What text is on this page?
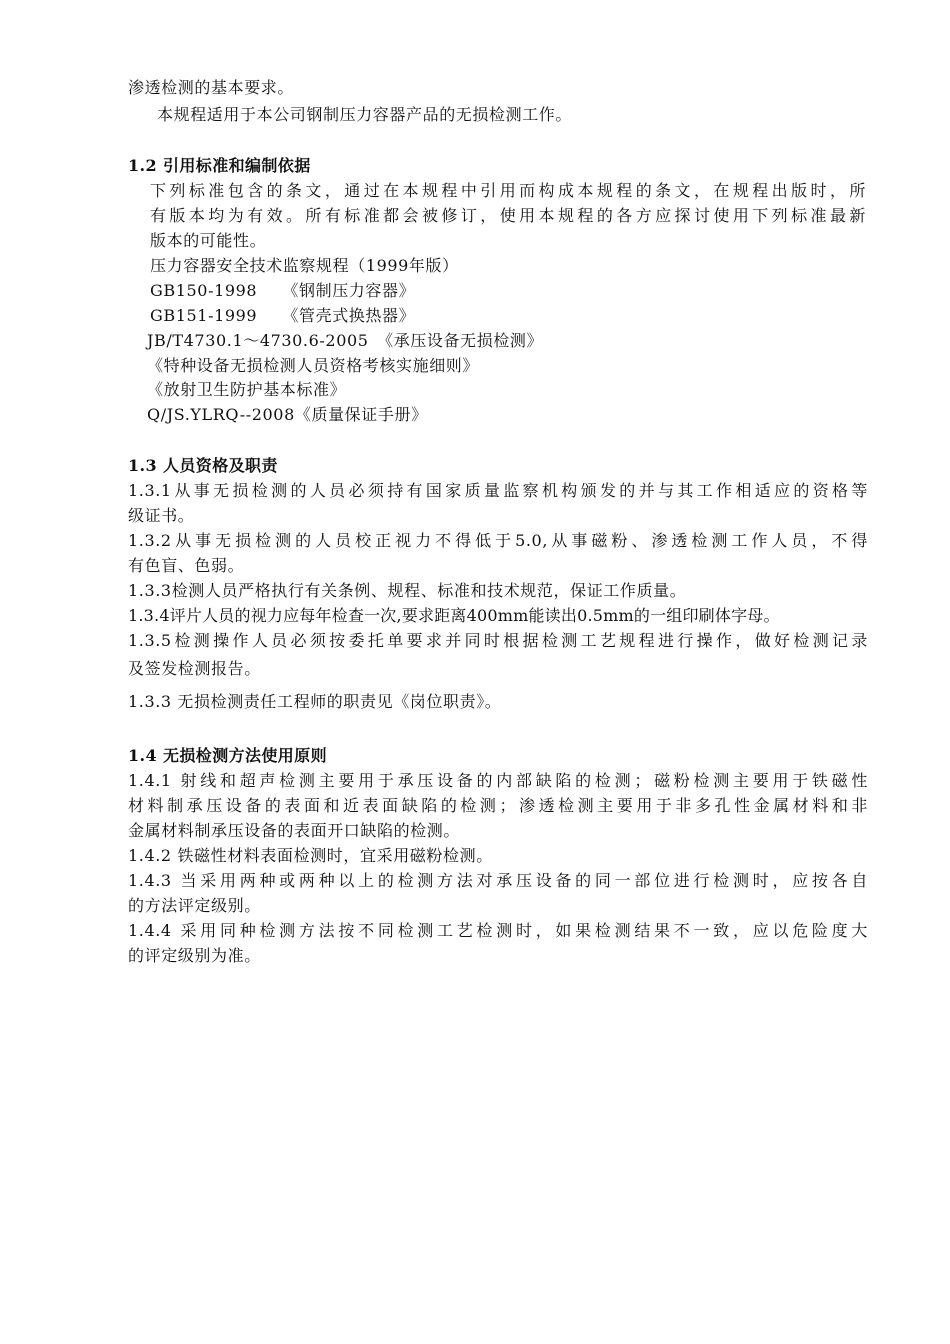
渗透检测的基本要求。
本规程适用于本公司钢制压力容器产品的无损检测工作。
1.2 引用标准和编制依据
下列标准包含的条文，通过在本规程中引用而构成本规程的条文，在规程出版时，所
有版本均为有效。所有标准都会被修订，使用本规程的各方应探讨使用下列标准最新
版本的可能性。
压力容器安全技术监察规程（1999年版）
GB150-1998　　《钢制压力容器》
GB151-1999　　《管壳式换热器》
JB/T4730.1～4730.6-2005　《承压设备无损检测》
《特种设备无损检测人员资格考核实施细则》
《放射卫生防护基本标准》
Q/JS.YLRQ--2008《质量保证手册》
1.3 人员资格及职责
1.3.1从事无损检测的人员必须持有国家质量监察机构颁发的并与其工作相适应的资格等
级证书。
1.3.2从事无损检测的人员校正视力不得低于5.0,从事磁粉、渗透检测工作人员，不得
有色盲、色弱。
1.3.3检测人员严格执行有关条例、规程、标准和技术规范，保证工作质量。
1.3.4评片人员的视力应每年检查一次,要求距离400mm能读出0.5mm的一组印刷体字母。
1.3.5检测操作人员必须按委托单要求并同时根据检测工艺规程进行操作，做好检测记录
及签发检测报告。
1.3.3 无损检测责任工程师的职责见《岗位职责》。
1.4 无损检测方法使用原则
1.4.1 射线和超声检测主要用于承压设备的内部缺陷的检测；磁粉检测主要用于铁磁性
材料制承压设备的表面和近表面缺陷的检测；渗透检测主要用于非多孔性金属材料和非
金属材料制承压设备的表面开口缺陷的检测。
1.4.2 铁磁性材料表面检测时，宜采用磁粉检测。
1.4.3 当采用两种或两种以上的检测方法对承压设备的同一部位进行检测时，应按各自
的方法评定级别。
1.4.4 采用同种检测方法按不同检测工艺检测时，如果检测结果不一致，应以危险度大
的评定级别为准。
